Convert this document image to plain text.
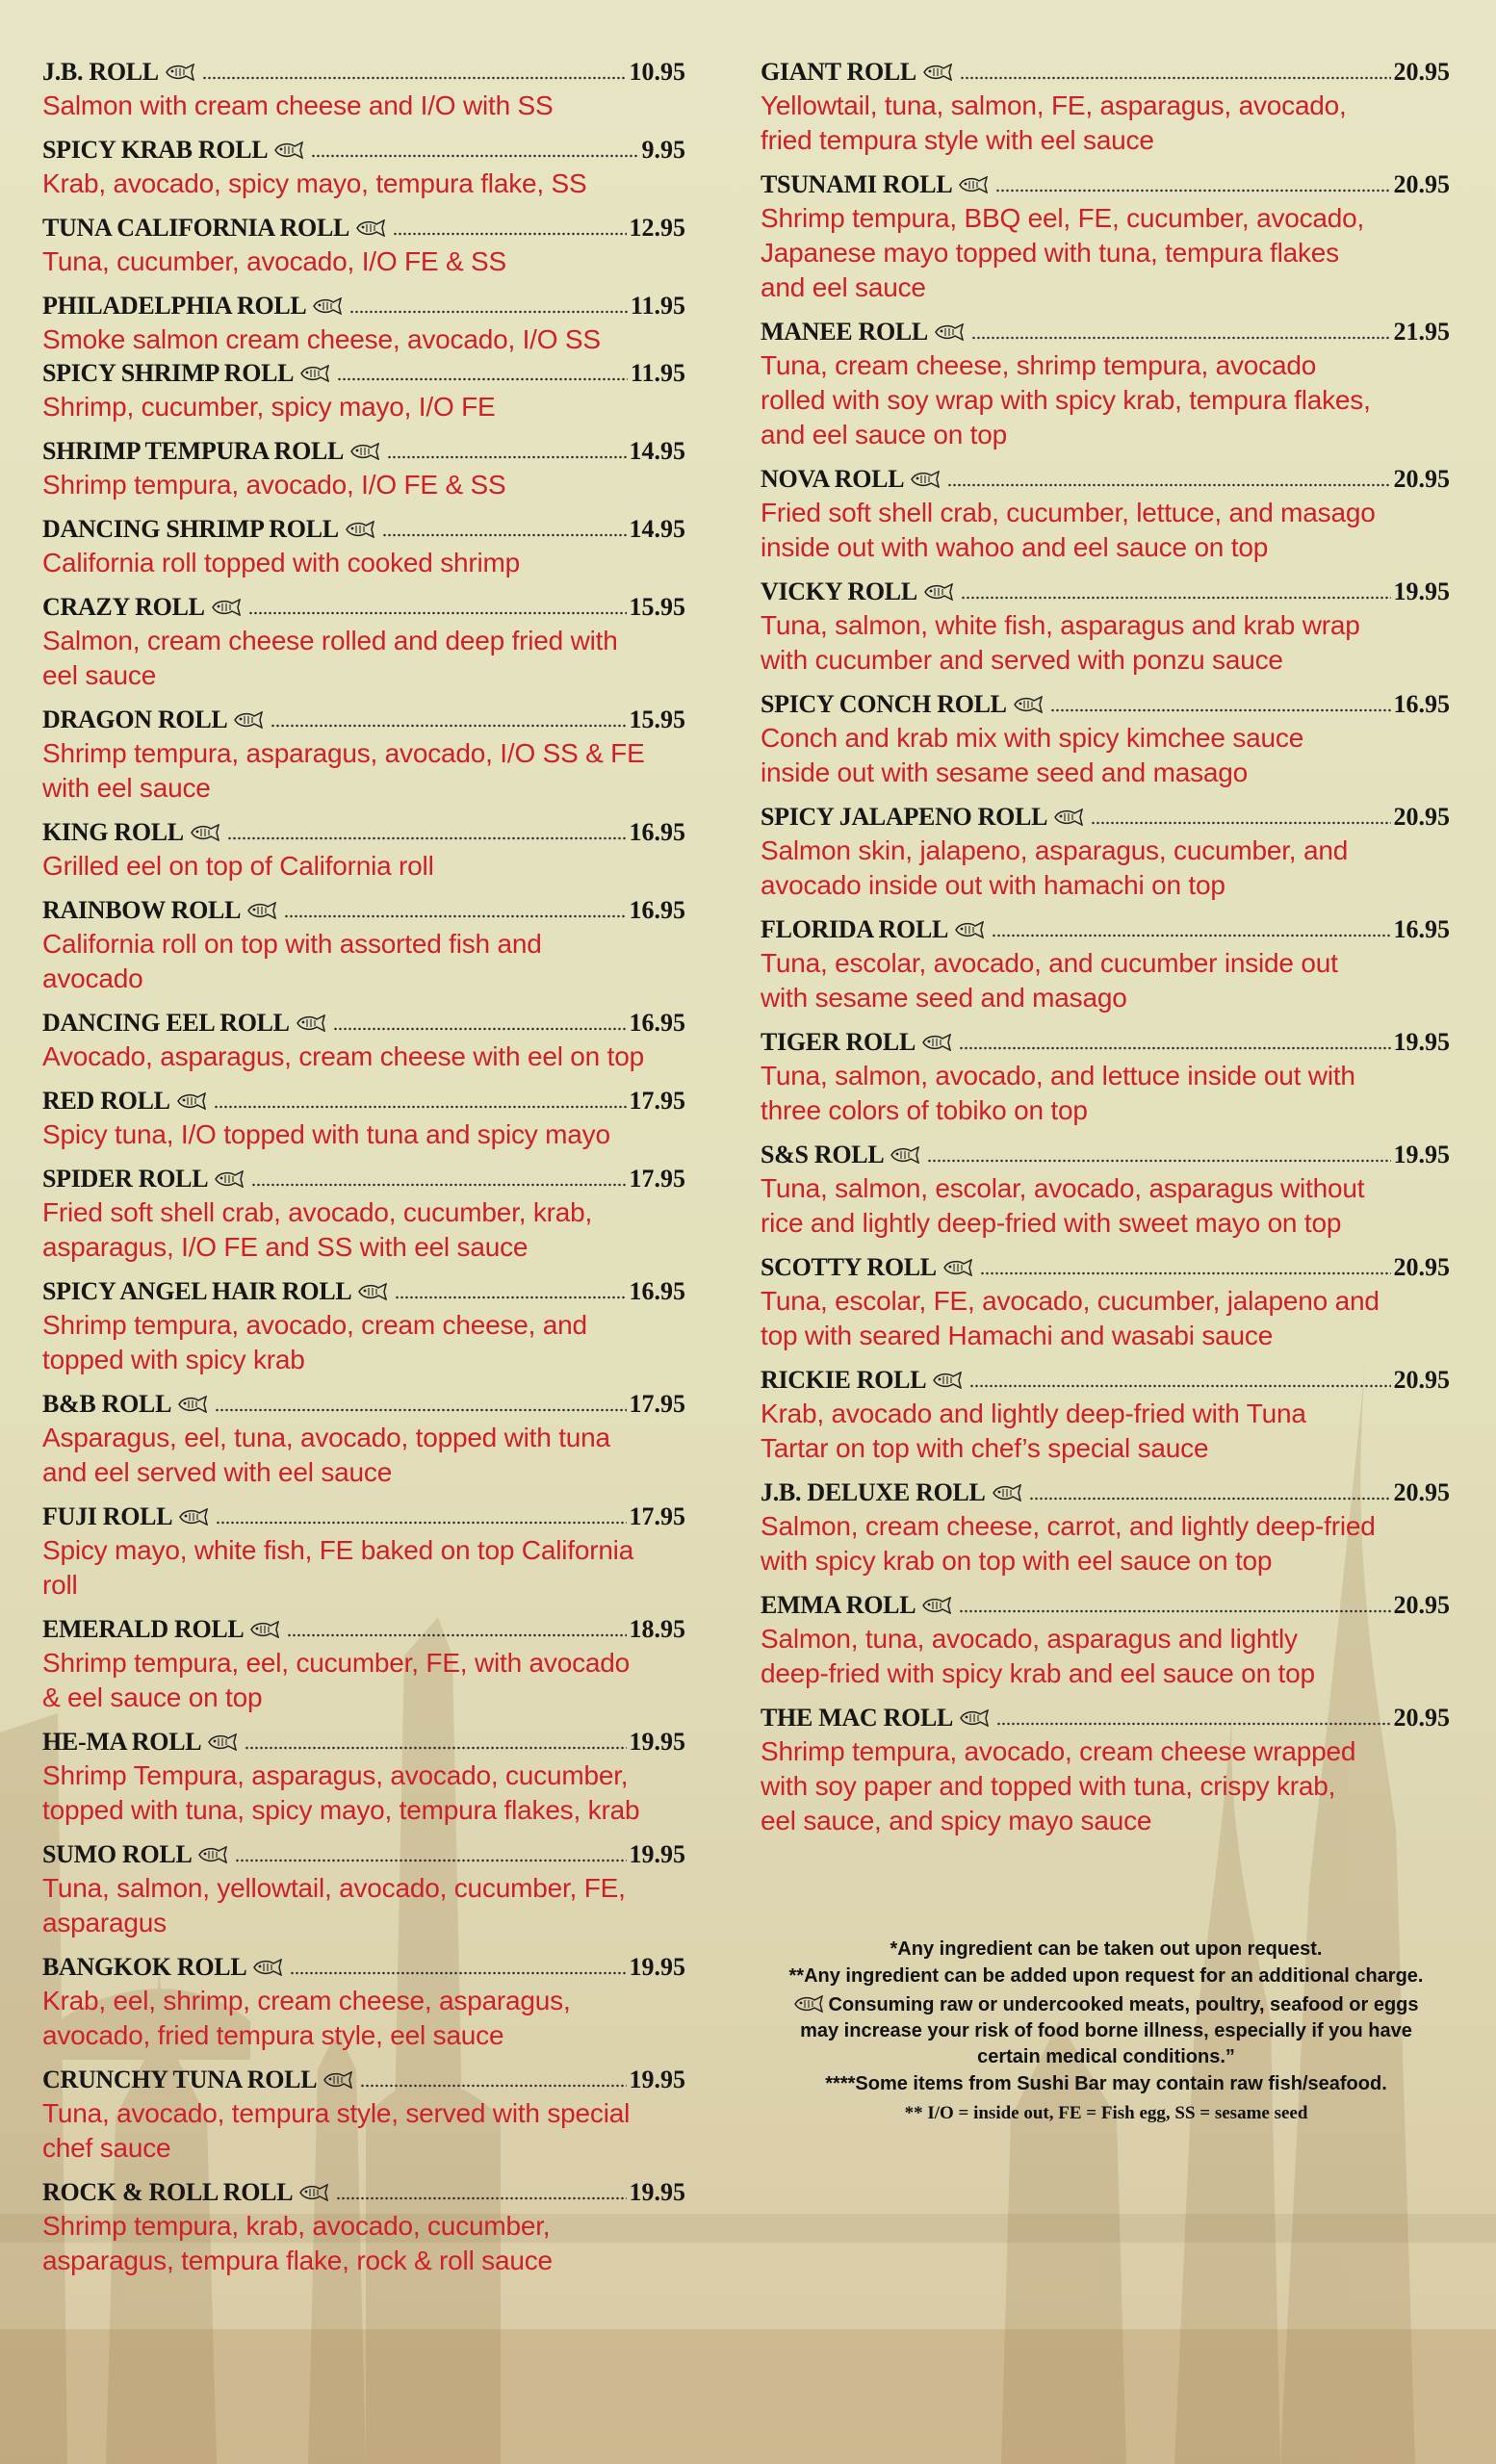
J.B. ROLL	10.95
Salmon with cream cheese and I/O with SS
SPICY KRAB ROLL	9.95
Krab, avocado, spicy mayo, tempura flake, SS
TUNA CALIFORNIA ROLL	12.95
Tuna, cucumber, avocado, I/O FE & SS
PHILADELPHIA ROLL	11.95
Smoke salmon cream cheese, avocado, I/O SS
SPICY SHRIMP ROLL	11.95
Shrimp, cucumber, spicy mayo, I/O FE
SHRIMP TEMPURA ROLL	14.95
Shrimp tempura, avocado, I/O FE & SS
DANCING SHRIMP ROLL	14.95
California roll topped with cooked shrimp
CRAZY ROLL	15.95
Salmon, cream cheese rolled and deep fried with
eel sauce
DRAGON ROLL	15.95
Shrimp tempura, asparagus, avocado, I/O SS & FE
with eel sauce
KING ROLL	16.95
Grilled eel on top of California roll
RAINBOW ROLL	16.95
California roll on top with assorted fish and
avocado
DANCING EEL ROLL	16.95
Avocado, asparagus, cream cheese with eel on top
RED ROLL	17.95
Spicy tuna, I/O topped with tuna and spicy mayo
SPIDER ROLL	17.95
Fried soft shell crab, avocado, cucumber, krab,
asparagus, I/O FE and SS with eel sauce
SPICY ANGEL HAIR ROLL	16.95
Shrimp tempura, avocado, cream cheese, and
topped with spicy krab
B&B ROLL	17.95
Asparagus, eel, tuna, avocado, topped with tuna
and eel served with eel sauce
FUJI ROLL	17.95
Spicy mayo, white fish, FE baked on top California
roll
EMERALD ROLL	18.95
Shrimp tempura, eel, cucumber, FE, with avocado
& eel sauce on top
HE-MA ROLL	19.95
Shrimp Tempura, asparagus, avocado, cucumber,
topped with tuna, spicy mayo, tempura flakes, krab
SUMO ROLL	19.95
Tuna, salmon, yellowtail, avocado, cucumber, FE,
asparagus
BANGKOK ROLL	19.95
Krab, eel, shrimp, cream cheese, asparagus,
avocado, fried tempura style, eel sauce
CRUNCHY TUNA ROLL	19.95
Tuna, avocado, tempura style, served with special
chef sauce
ROCK & ROLL ROLL	19.95
Shrimp tempura, krab, avocado, cucumber,
asparagus, tempura flake, rock & roll sauce
GIANT ROLL	20.95
Yellowtail, tuna, salmon, FE, asparagus, avocado,
fried tempura style with eel sauce
TSUNAMI ROLL	20.95
Shrimp tempura, BBQ eel, FE, cucumber, avocado,
Japanese mayo topped with tuna, tempura flakes
and eel sauce
MANEE ROLL	21.95
Tuna, cream cheese, shrimp tempura, avocado
rolled with soy wrap with spicy krab, tempura flakes,
and eel sauce on top
NOVA ROLL	20.95
Fried soft shell crab, cucumber, lettuce, and masago
inside out with wahoo and eel sauce on top
VICKY ROLL	19.95
Tuna, salmon, white fish, asparagus and krab wrap
with cucumber and served with ponzu sauce
SPICY CONCH ROLL	16.95
Conch and krab mix with spicy kimchee sauce
inside out with sesame seed and masago
SPICY JALAPENO ROLL	20.95
Salmon skin, jalapeno, asparagus, cucumber, and
avocado inside out with hamachi on top
FLORIDA ROLL	16.95
Tuna, escolar, avocado, and cucumber inside out
with sesame seed and masago
TIGER ROLL	19.95
Tuna, salmon, avocado, and lettuce inside out with
three colors of tobiko on top
S&S ROLL	19.95
Tuna, salmon, escolar, avocado, asparagus without
rice and lightly deep-fried with sweet mayo on top
SCOTTY ROLL	20.95
Tuna, escolar, FE, avocado, cucumber, jalapeno and
top with seared Hamachi and wasabi sauce
RICKIE ROLL	20.95
Krab, avocado and lightly deep-fried with Tuna
Tartar on top with chef’s special sauce
J.B. DELUXE ROLL	20.95
Salmon, cream cheese, carrot, and lightly deep-fried
with spicy krab on top with eel sauce on top
EMMA ROLL	20.95
Salmon, tuna, avocado, asparagus and lightly
deep-fried with spicy krab and eel sauce on top
THE MAC ROLL	20.95
Shrimp tempura, avocado, cream cheese wrapped
with soy paper and topped with tuna, crispy krab,
eel sauce, and spicy mayo sauce
*Any ingredient can be taken out upon request.
**Any ingredient can be added upon request for an additional charge.
Consuming raw or undercooked meats, poultry, seafood or eggs
may increase your risk of food borne illness, especially if you have
certain medical conditions.”
****Some items from Sushi Bar may contain raw fish/seafood.
** I/O = inside out, FE = Fish egg, SS = sesame seed
